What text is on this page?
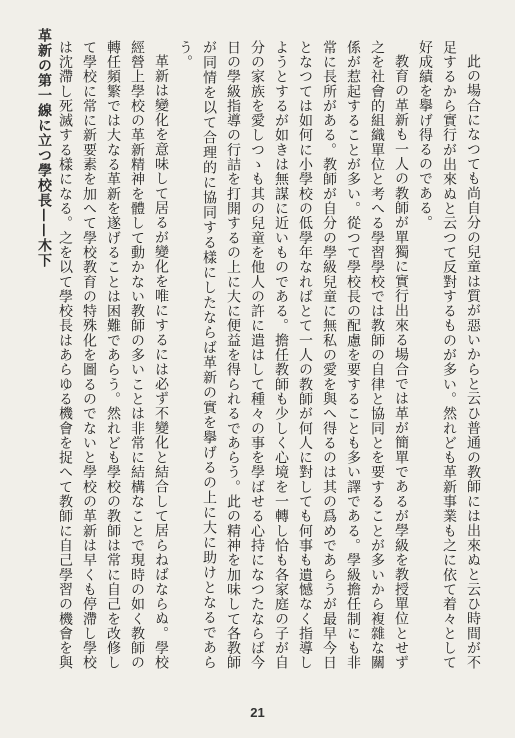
革新の第一線に立つ學校長——木下	此の場合になつても尚自分の兒童は質が惡いからと云ひ普通の教師には出來ぬと云ひ時間が不足するから實行が出來ぬと云つて反對するものが多い。然れども革新事業も之に依て着々として好成績を擧げ得るのである。

教育の革新も一人の教師が單獨に實行出來る場合では革が簡單であるが學級を教授單位とせず之を社會的組織單位と考へる學習學校では教師の自律と協同とを要することが多いから複雜な關係が惹起することが多い。從つて學校長の配慮を要することも多い譯である。學級擔任制にも非常に長所がある。教師が自分の學級兒童に無私の愛を與へ得るのは其の爲めであらうが最早今日となつては如何に小學校の低學年なればとて一人の教師が何人に對しても何事も遺憾なく指導しようとするが如きは無謀に近いものである。擔任教師も少しく心境を一轉し恰も各家庭の子が自分の家族を愛しつゝも其の兒童を他人の許に遣はして種々の事を學ばせる心持になつたならば今日の學級指導の行詰を打開するの上に大に便益を得られるであらう。此の精神を加味して各教師が同情を以て合理的に協同する樣にしたならば革新の實を擧げるの上に大に助けとなるであらう。

革新は變化を意味して居るが變化を唯にするには必ず不變化と結合して居らねばならぬ。學校經營上學校の革新精神を體して動かない教師の多いことは非常に結構なことで現時の如く教師の轉任頻繁では大なる革新を遂げることは困難であらう。然れども學校の教師は常に自己を改修して學校に常に新要素を加へて學校教育の特殊化を圖るのでないと學校の革新は早くも停滯し學校は沈滯し死滅する樣になる。之を以て學校長はあらゆる機會を捉へて教師に自己學習の機會を與

21
